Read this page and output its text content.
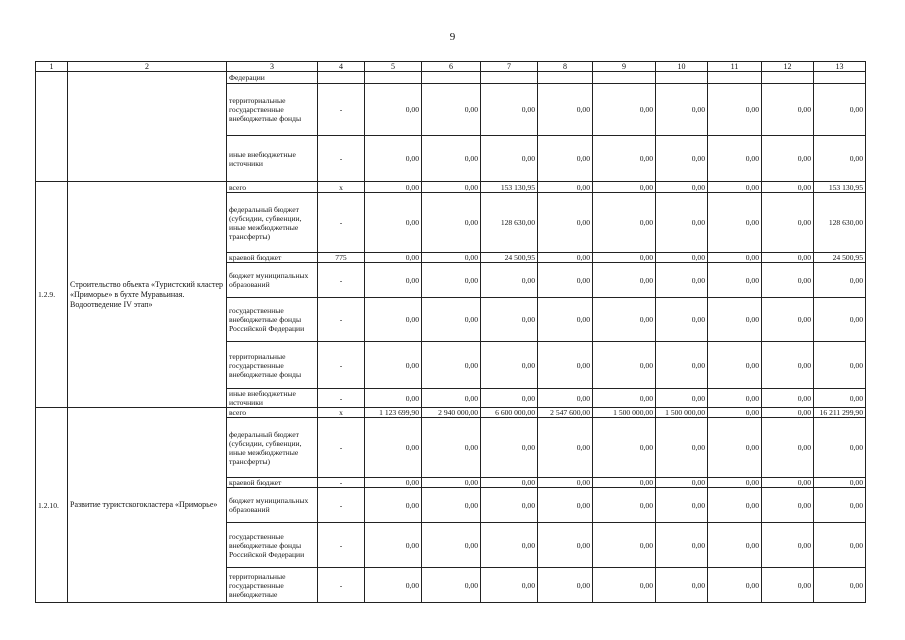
9
1	2	3	4	5	6	7	8	9	10	11	12	13
		Федерации										
		территориальные государственные внебюджетные фонды	-	0,00	0,00	0,00	0,00	0,00	0,00	0,00	0,00	0,00
		иные внебюджетные источники	-	0,00	0,00	0,00	0,00	0,00	0,00	0,00	0,00	0,00
1.2.9.	Строительство объекта «Туристский кластер «Приморье» в бухте Муравьиная. Водоотведение IV этап»	всего	х	0,00	0,00	153 130,95	0,00	0,00	0,00	0,00	0,00	153 130,95
		федеральный бюджет (субсидии, субвенции, иные межбюджетные трансферты)	-	0,00	0,00	128 630,00	0,00	0,00	0,00	0,00	0,00	128 630,00
		краевой бюджет	775	0,00	0,00	24 500,95	0,00	0,00	0,00	0,00	0,00	24 500,95
		бюджет муниципальных образований	-	0,00	0,00	0,00	0,00	0,00	0,00	0,00	0,00	0,00
		государственные внебюджетные фонды Российской Федерации	-	0,00	0,00	0,00	0,00	0,00	0,00	0,00	0,00	0,00
		территориальные государственные внебюджетные фонды	-	0,00	0,00	0,00	0,00	0,00	0,00	0,00	0,00	0,00
		иные внебюджетные источники	-	0,00	0,00	0,00	0,00	0,00	0,00	0,00	0,00	0,00
1.2.10.	Развитие туристскогокластера «Приморье»	всего	х	1 123 699,90	2 940 000,00	6 600 000,00	2 547 600,00	1 500 000,00	1 500 000,00	0,00	0,00	16 211 299,90
		федеральный бюджет (субсидии, субвенции, иные межбюджетные трансферты)	-	0,00	0,00	0,00	0,00	0,00	0,00	0,00	0,00	0,00
		краевой бюджет	-	0,00	0,00	0,00	0,00	0,00	0,00	0,00	0,00	0,00
		бюджет муниципальных образований	-	0,00	0,00	0,00	0,00	0,00	0,00	0,00	0,00	0,00
		государственные внебюджетные фонды Российской Федерации	-	0,00	0,00	0,00	0,00	0,00	0,00	0,00	0,00	0,00
		территориальные государственные внебюджетные	-	0,00	0,00	0,00	0,00	0,00	0,00	0,00	0,00	0,00
